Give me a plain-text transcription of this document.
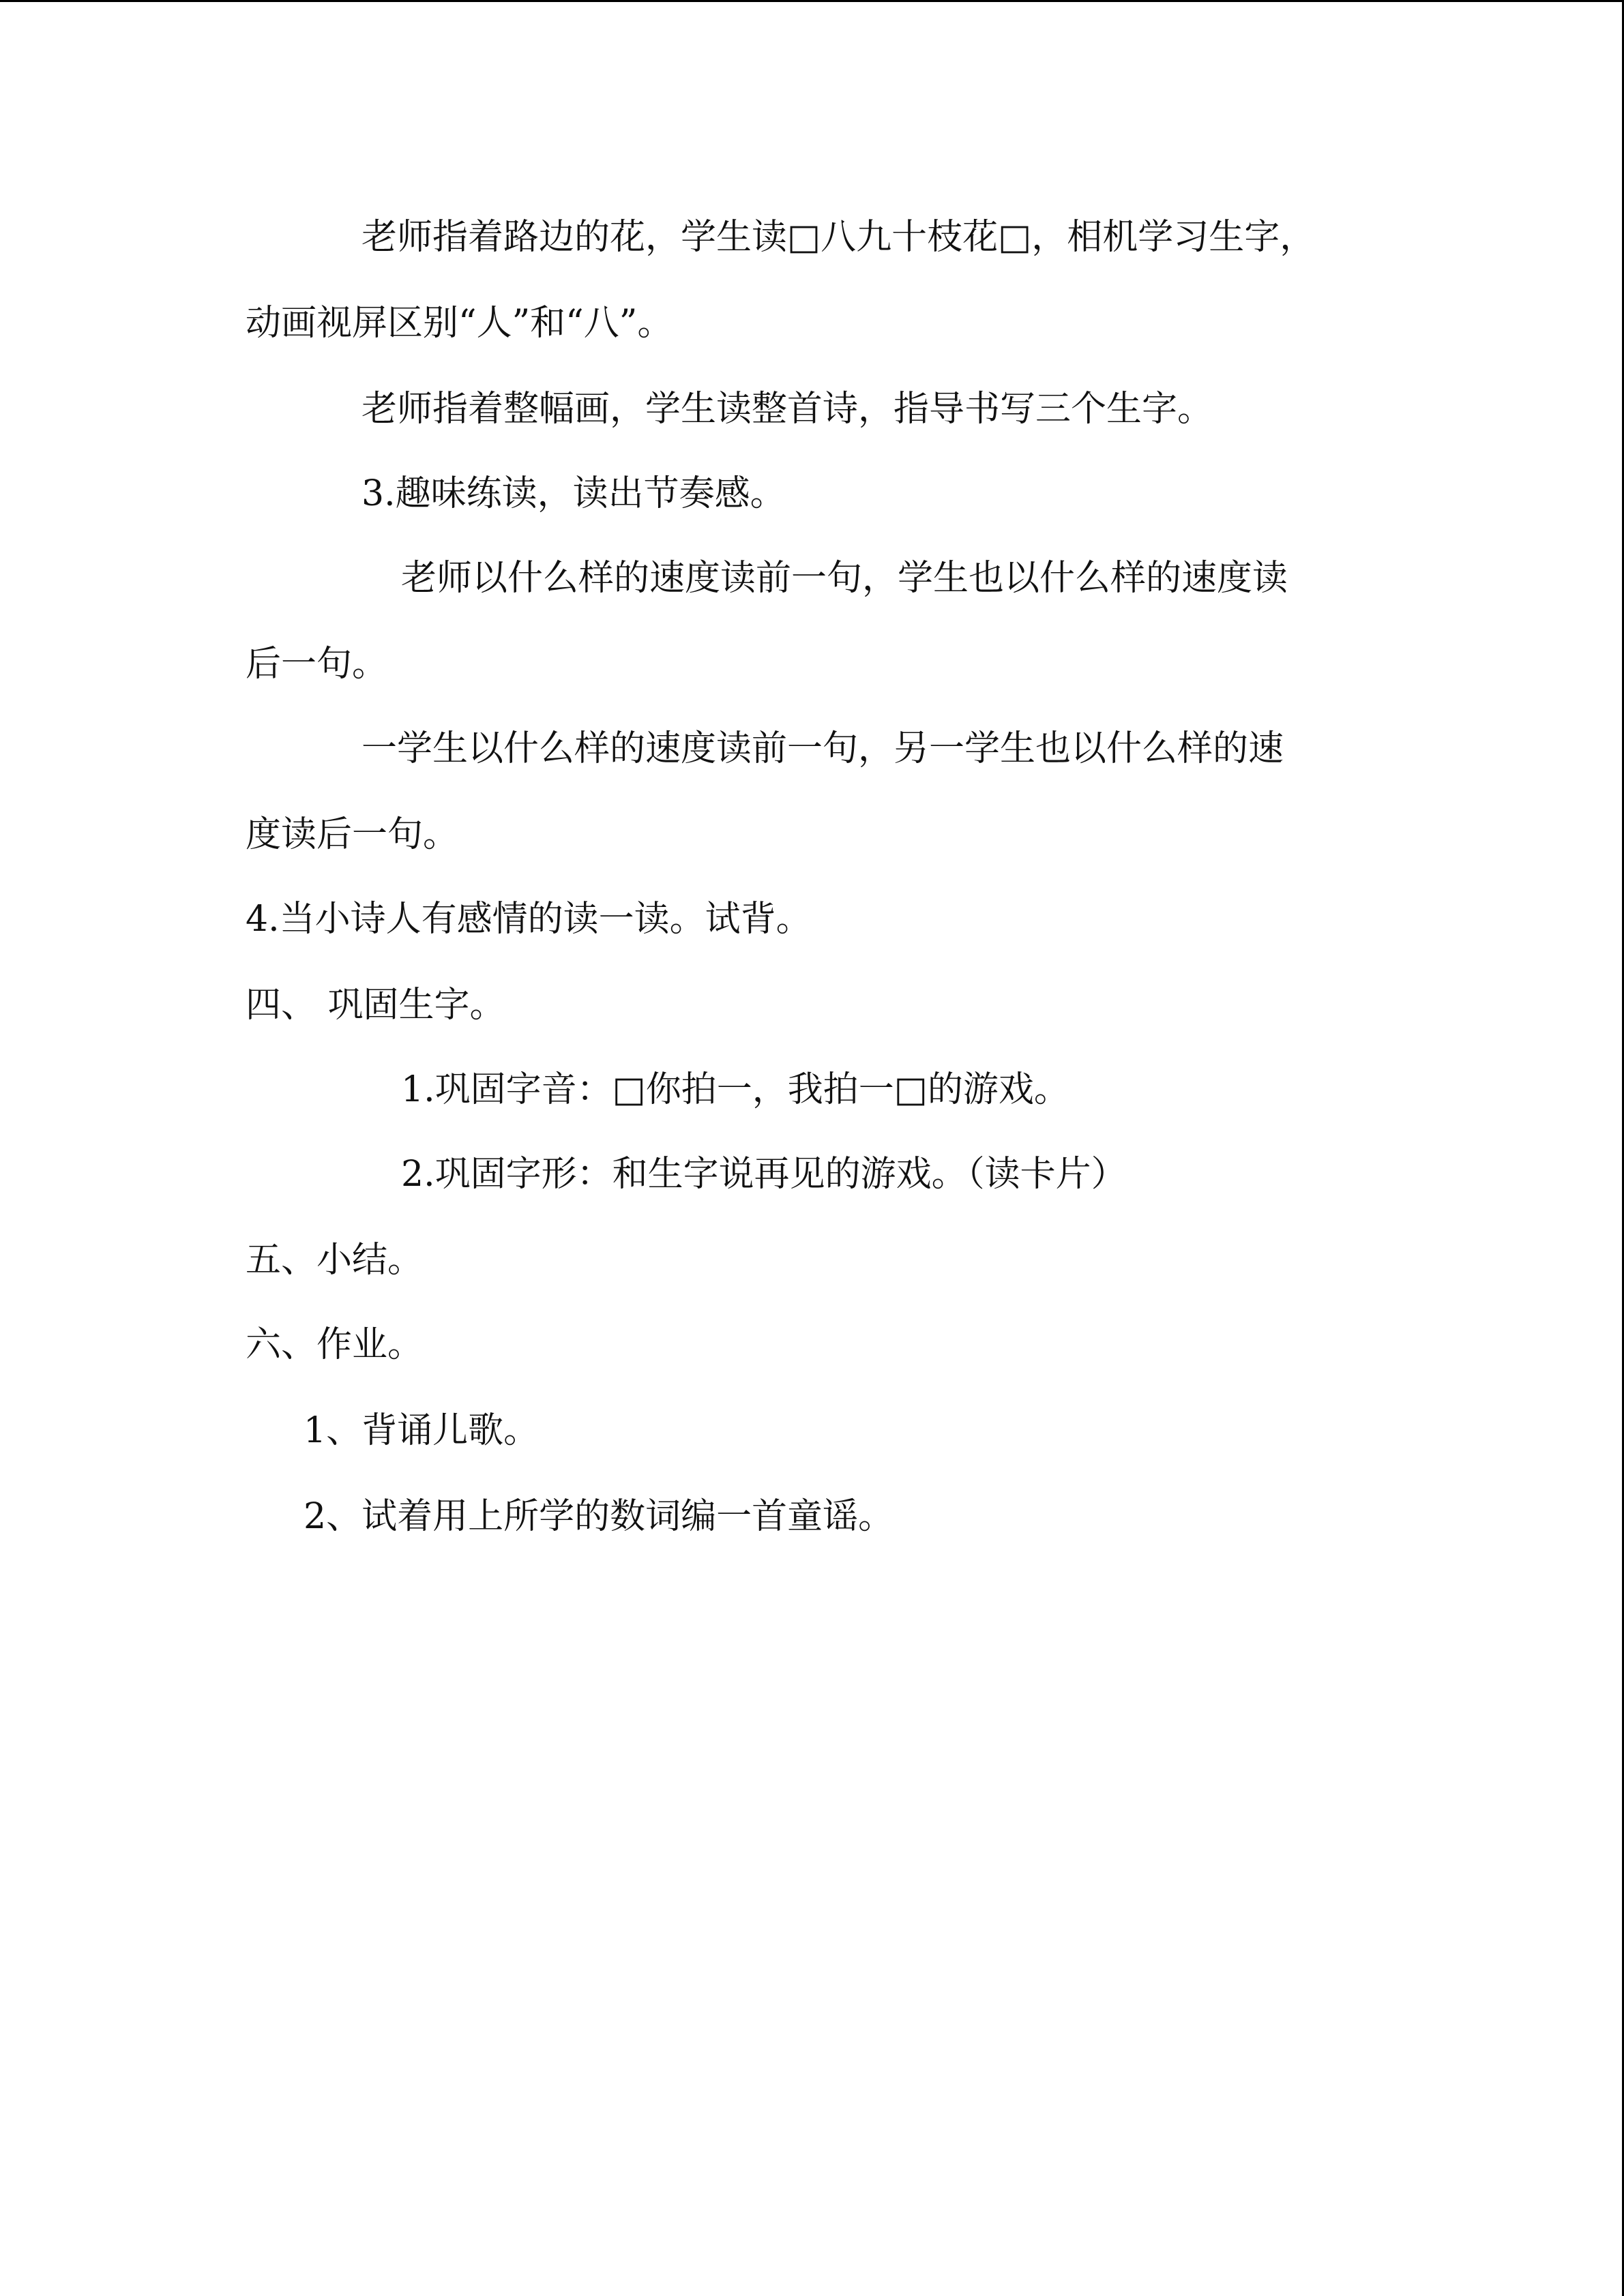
老师指着路边的花，学生读□八九十枝花□，相机学习生字，
动画视屏区别“人”和“八”。
老师指着整幅画，学生读整首诗，指导书写三个生字。
3.趣味练读，读出节奏感。
老师以什么样的速度读前一句，学生也以什么样的速度读
后一句。
一学生以什么样的速度读前一句，另一学生也以什么样的速
度读后一句。
4.当小诗人有感情的读一读。试背。
四、 巩固生字。
1.巩固字音：□你拍一，我拍一□的游戏。
2.巩固字形：和生字说再见的游戏。（读卡片）
五、小结。
六、作业。
1、背诵儿歌。
2、试着用上所学的数词编一首童谣。
